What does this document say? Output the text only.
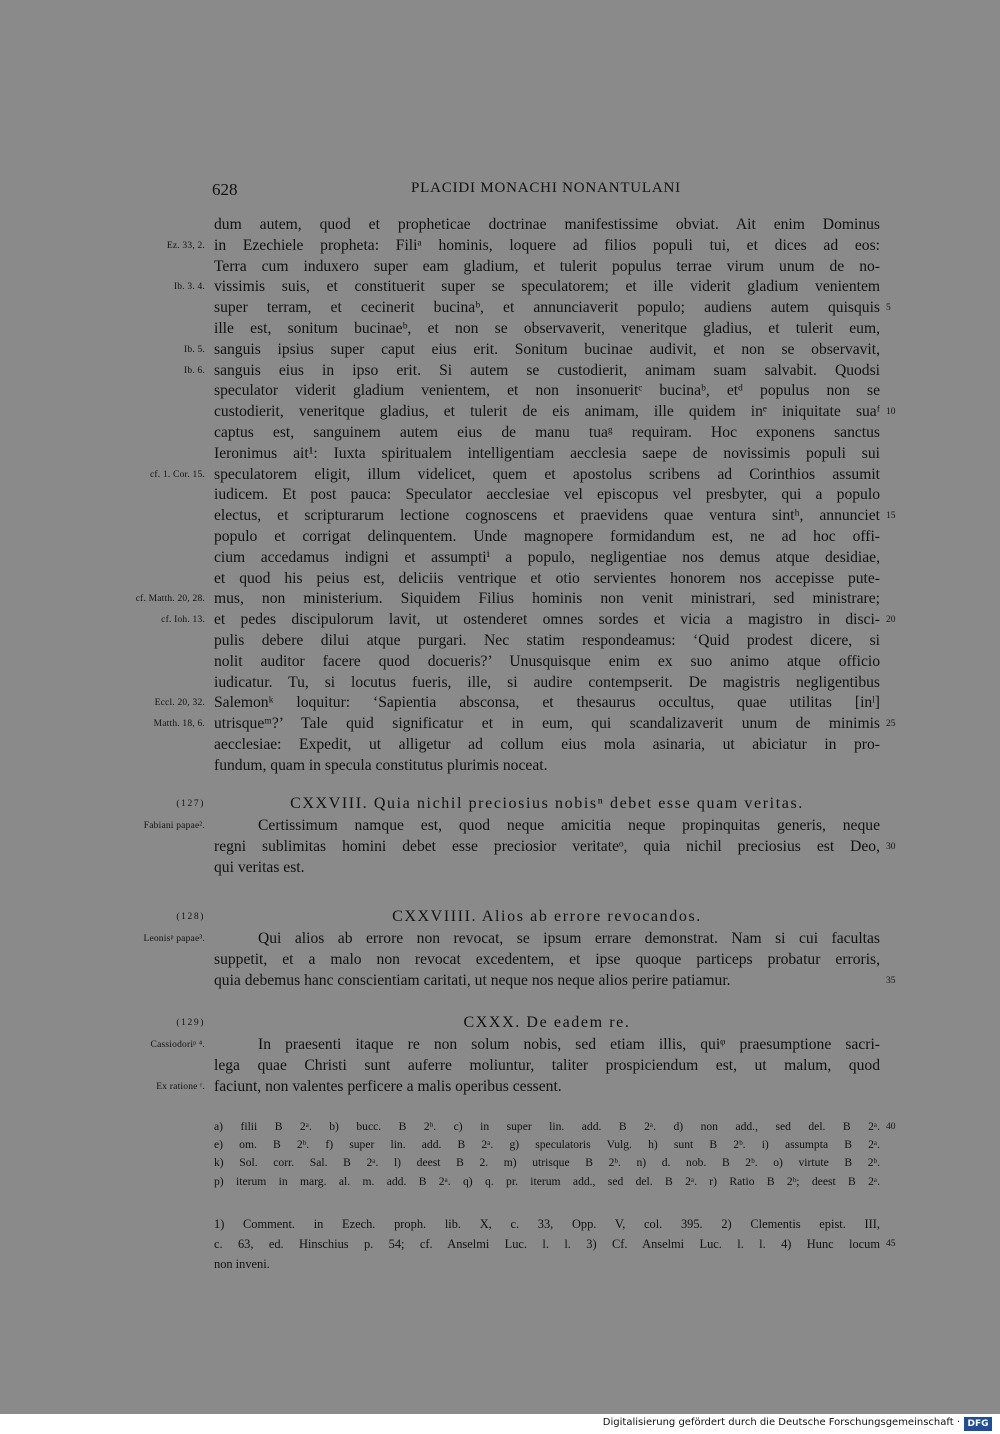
628	PLACIDI MONACHI NONANTULANI
dum autem, quod et propheticae doctrinae manifestissime obviat. Ait enim Dominus
Ez. 33, 2. in Ezechiele propheta: Filiᵃ hominis, loquere ad filios populi tui, et dices ad eos:
Terra cum induxero super eam gladium, et tulerit populus terrae virum unum de no-
Ib. 3. 4. vissimis suis, et constituerit super se speculatorem; et ille viderit gladium venientem
super terram, et cecinerit bucinaᵇ, et annunciaverit populo; audiens autem quisquis 5
ille est, sonitum bucinaeᵇ, et non se observaverit, veneritque gladius, et tulerit eum,
Ib. 5. sanguis ipsius super caput eius erit. Sonitum bucinae audivit, et non se observavit,
Ib. 6. sanguis eius in ipso erit. Si autem se custodierit, animam suam salvabit. Quodsi
speculator viderit gladium venientem, et non insonueritᶜ bucinaᵇ, etᵈ populus non se
custodierit, veneritque gladius, et tulerit de eis animam, ille quidem inᵉ iniquitate suaᶠ 10
captus est, sanguinem autem eius de manu tuaᵍ requiram. Hoc exponens sanctus
Ieronimus ait¹: Iuxta spiritualem intelligentiam aecclesia saepe de novissimis populi sui
cf. 1. Cor. 15. speculatorem eligit, illum videlicet, quem et apostolus scribens ad Corinthios assumit
iudicem. Et post pauca: Speculator aecclesiae vel episcopus vel presbyter, qui a populo
electus, et scripturarum lectione cognoscens et praevidens quae ventura sintʰ, annunciet 15
populo et corrigat delinquentem. Unde magnopere formidandum est, ne ad hoc offi-
cium accedamus indigni et assumptiⁱ a populo, negligentiae nos demus atque desidiae,
et quod his peius est, deliciis ventrique et otio servientes honorem nos accepisse pute-
cf. Matth. 20, 28. mus, non ministerium. Siquidem Filius hominis non venit ministrari, sed ministrare;
cf. Ioh. 13. et pedes discipulorum lavit, ut ostenderet omnes sordes et vicia a magistro in disci- 20
pulis debere dilui atque purgari. Nec statim respondeamus: ‘Quid prodest dicere, si
nolit auditor facere quod docueris?’ Unusquisque enim ex suo animo atque officio
iudicatur. Tu, si locutus fueris, ille, si audire contempserit. De magistris negligentibus
Eccl. 20, 32. Salemonᵏ loquitur: ‘Sapientia absconsa, et thesaurus occultus, quae utilitas [inˡ]
Matth. 18, 6. utrisqueᵐ?’ Tale quid significatur et in eum, qui scandalizaverit unum de minimis 25
aecclesiae: Expedit, ut alligetur ad collum eius mola asinaria, ut abiciatur in pro-
fundum, quam in specula constitutus plurimis noceat.
(127)	CXXVIII. Quia nichil preciosius nobisⁿ debet esse quam veritas.
Fabiani papae².	Certissimum namque est, quod neque amicitia neque propinquitas generis, neque
regni sublimitas homini debet esse preciosior veritateᵒ, quia nichil preciosius est Deo, 30
qui veritas est.
(128)	CXXVIIII. Alios ab errore revocandos.
Leonisᵖ papae³.	Qui alios ab errore non revocat, se ipsum errare demonstrat. Nam si cui facultas
suppetit, et a malo non revocat excedentem, et ipse quoque particeps probatur erroris,
quia debemus hanc conscientiam caritati, ut neque nos neque alios perire patiamur.	35
(129)	CXXX. De eadem re.
Cassiodoriᵖ ⁴.	In praesenti itaque re non solum nobis, sed etiam illis, quiᵠ praesumptione sacri-
lega quae Christi sunt auferre moliuntur, taliter prospiciendum est, ut malum, quod
Ex ratione ʳ. faciunt, non valentes perficere a malis operibus cessent.
a) filii B 2ᵃ. b) bucc. B 2ᵇ. c) in super lin. add. B 2ᵃ. d) non add., sed del. B 2ᵃ. 40
e) om. B 2ᵇ. f) super lin. add. B 2ᵃ. g) speculatoris Vulg. h) sunt B 2ᵇ. i) assumpta B 2ᵃ.
k) Sol. corr. Sal. B 2ᵃ. l) deest B 2. m) utrisque B 2ᵇ. n) d. nob. B 2ᵇ. o) virtute B 2ᵇ.
p) iterum in marg. al. m. add. B 2ᵃ. q) q. pr. iterum add., sed del. B 2ᵃ. r) Ratio B 2ᵇ; deest B 2ᵃ.
1) Comment. in Ezech. proph. lib. X, c. 33, Opp. V, col. 395. 2) Clementis epist. III,
c. 63, ed. Hinschius p. 54; cf. Anselmi Luc. l. l. 3) Cf. Anselmi Luc. l. l. 4) Hunc locum 45
non inveni.
Digitalisierung gefördert durch die Deutsche Forschungsgemeinschaft · DFG
